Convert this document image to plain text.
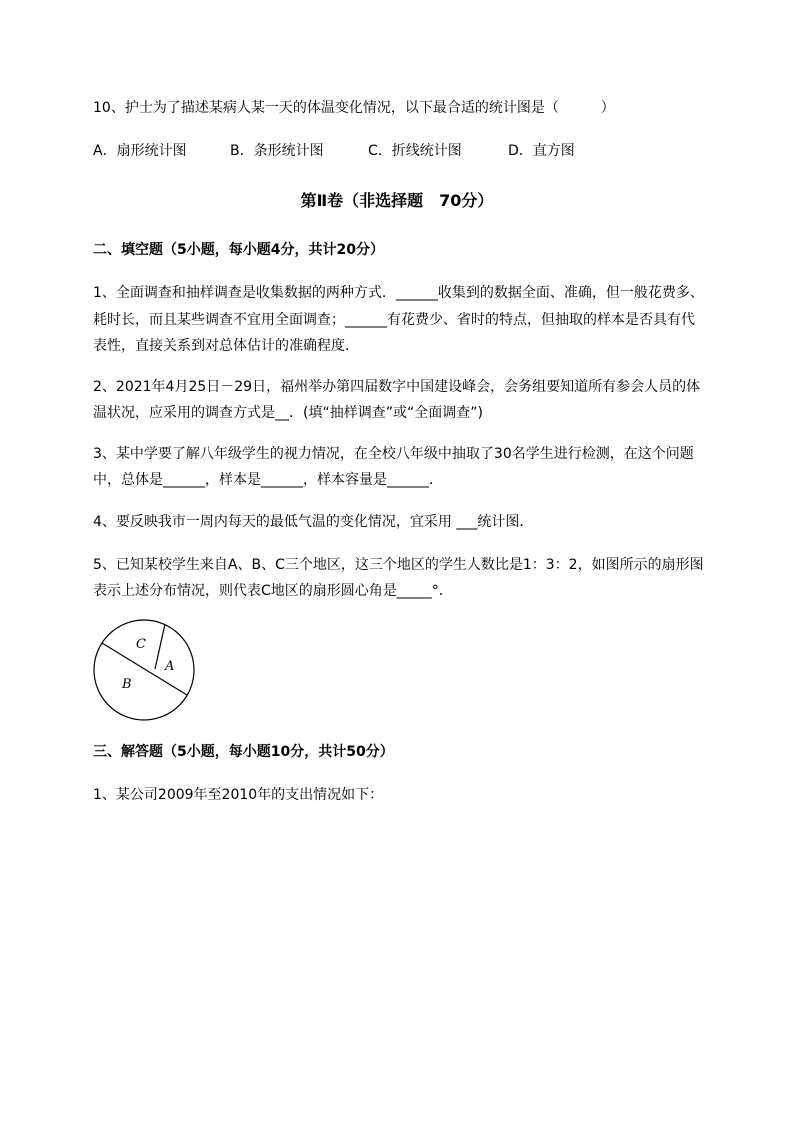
10、护士为了描述某病人某一天的体温变化情况，以下最合适的统计图是（　　　）
A．扇形统计图	B．条形统计图	C．折线统计图	D．直方图
第Ⅱ卷（非选择题　70分）
二、填空题（5小题，每小题4分，共计20分）
1、全面调查和抽样调查是收集数据的两种方式．______收集到的数据全面、准确，但一般花费多、
耗时长，而且某些调查不宜用全面调查；______有花费少、省时的特点，但抽取的样本是否具有代
表性，直接关系到对总体估计的准确程度．
2、2021年4月25日－29日，福州举办第四届数字中国建设峰会，会务组要知道所有参会人员的体
温状况，应采用的调查方式是__．(填“抽样调查”或“全面调查”)
3、某中学要了解八年级学生的视力情况，在全校八年级中抽取了30名学生进行检测，在这个问题
中，总体是______，样本是______，样本容量是______．
4、要反映我市一周内每天的最低气温的变化情况，宜采用 ___统计图．
5、已知某校学生来自A、B、C三个地区，这三个地区的学生人数比是1：3：2，如图所示的扇形图
表示上述分布情况，则代表C地区的扇形圆心角是_____°．
C
A
B
三、解答题（5小题，每小题10分，共计50分）
1、某公司2009年至2010年的支出情况如下：
